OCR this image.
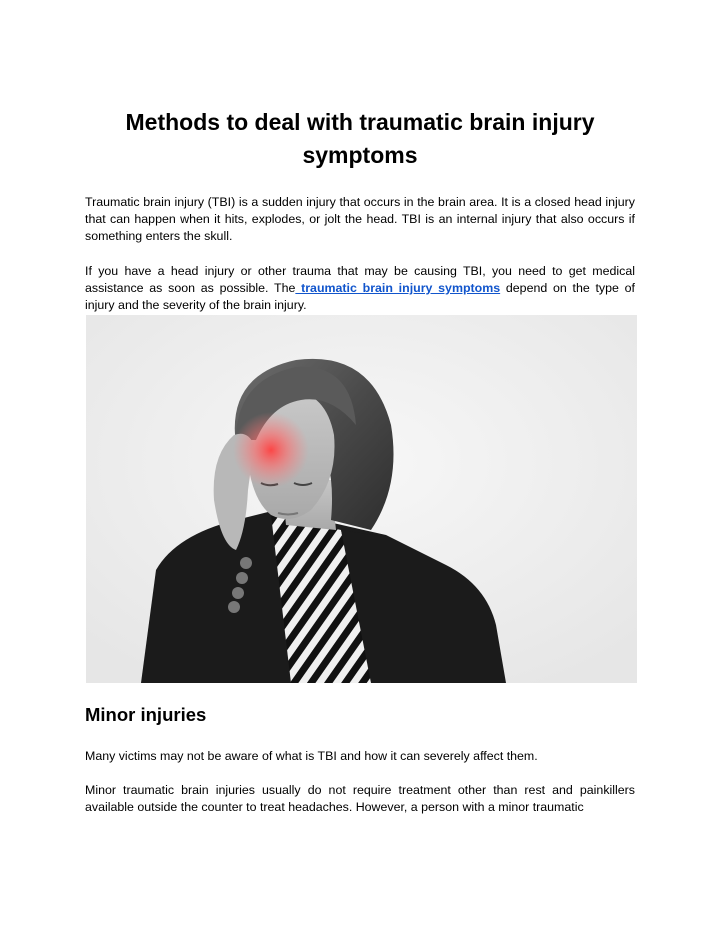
Methods to deal with traumatic brain injury symptoms
Traumatic brain injury (TBI) is a sudden injury that occurs in the brain area. It is a closed head injury that can happen when it hits, explodes, or jolt the head. TBI is an internal injury that also occurs if something enters the skull.
If you have a head injury or other trauma that may be causing TBI, you need to get medical assistance as soon as possible. The traumatic brain injury symptoms depend on the type of injury and the severity of the brain injury.
Minor injuries
Many victims may not be aware of what is TBI and how it can severely affect them.
Minor traumatic brain injuries usually do not require treatment other than rest and painkillers available outside the counter to treat headaches. However, a person with a minor traumatic
